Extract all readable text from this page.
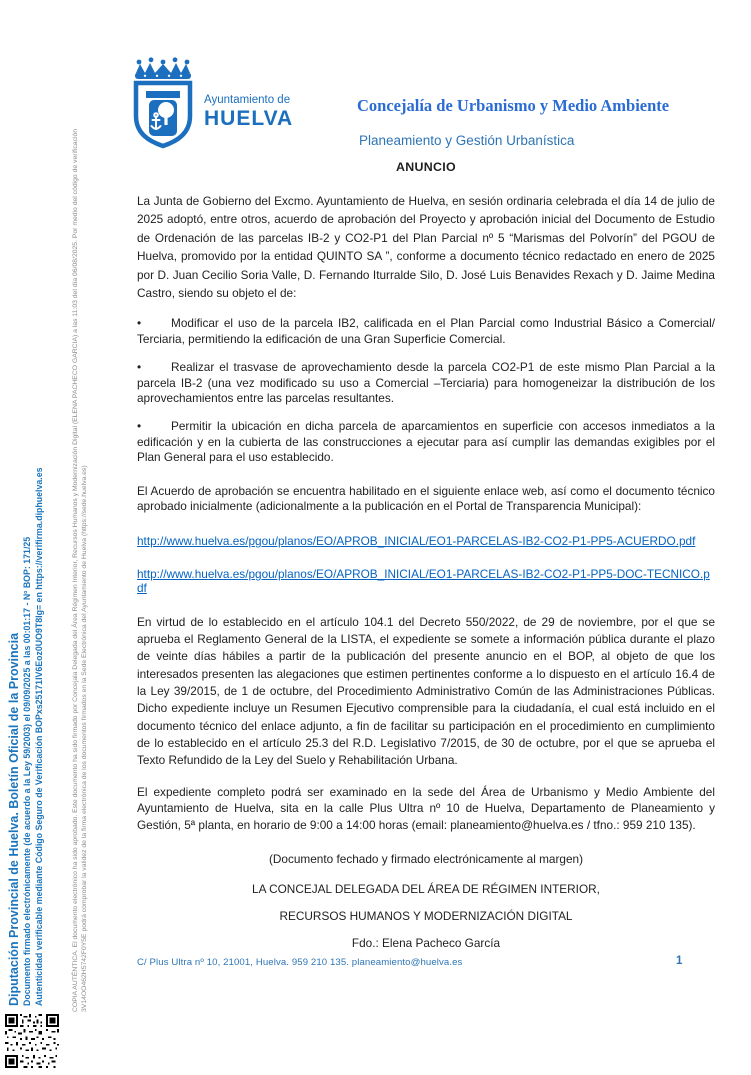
Diputación Provincial de Huelva. Boletín Oficial de la Provincia Documento firmado electrónicamente (de acuerdo a la Ley 59/2003) el 09/09/2025 a las 00:01:17 - Nº BOP: 171/25 Autenticidad verificable mediante Código Seguro de Verificación BOPxs25171IV6Eoz0UO9T8Ig= en https://verifirma.diphuelva.es	COPIA AUTÉNTICA. El documento electrónico ha sido aprobado. Este documento ha sido firmado por Concejala Delegada del Área Régimen Interior, Recursos Humanos y Modernización Digital (ELENA PACHECO GARCIA) a las 11:03 del día 06/08/2025. Por medio del código de verificación 3V14OO462H5742F0Y5E podrá comprobar la validez de la firma electrónica de los documentos firmados en la Sede Electrónica del Ayuntamiento de Huelva (https://sede.huelva.es)
Ayuntamiento de
HUELVA
Concejalía de Urbanismo y Medio Ambiente
Planeamiento y Gestión Urbanística
ANUNCIO

La Junta de Gobierno del Excmo. Ayuntamiento de Huelva, en sesión ordinaria celebrada el día 14 de julio de 2025 adoptó, entre otros, acuerdo de aprobación del Proyecto y aprobación inicial del Documento de Estudio de Ordenación de las parcelas IB-2 y CO2-P1 del Plan Parcial nº 5 “Marismas del Polvorín” del PGOU de Huelva, promovido por la entidad QUINTO SA ”, conforme a documento técnico redactado en enero de 2025 por D. Juan Cecilio Soria Valle, D. Fernando Iturralde Silo, D. José Luis Benavides Rexach y D. Jaime Medina Castro, siendo su objeto el de:

•	Modificar el uso de la parcela IB2, calificada en el Plan Parcial como Industrial Básico a Comercial/ Terciaria, permitiendo la edificación de una Gran Superficie Comercial.

•	Realizar el trasvase de aprovechamiento desde la parcela CO2-P1 de este mismo Plan Parcial a la parcela IB-2 (una vez modificado su uso a Comercial –Terciaria) para homogeneizar la distribución de los aprovechamientos entre las parcelas resultantes.

•	Permitir la ubicación en dicha parcela de aparcamientos en superficie con accesos inmediatos a la edificación y en la cubierta de las construcciones a ejecutar para así cumplir las demandas exigibles por el Plan General para el uso establecido.

El Acuerdo de aprobación se encuentra habilitado en el siguiente enlace web, así como el documento técnico aprobado inicialmente (adicionalmente a la publicación en el Portal de Transparencia Municipal):

http://www.huelva.es/pgou/planos/EO/APROB_INICIAL/EO1-PARCELAS-IB2-CO2-P1-PP5-ACUERDO.pdf
http://www.huelva.es/pgou/planos/EO/APROB_INICIAL/EO1-PARCELAS-IB2-CO2-P1-PP5-DOC-TECNICO.pdf

En virtud de lo establecido en el artículo 104.1 del Decreto 550/2022, de 29 de noviembre, por el que se aprueba el Reglamento General de la LISTA, el expediente se somete a información pública durante el plazo de veinte días hábiles a partir de la publicación del presente anuncio en el BOP, al objeto de que los interesados presenten las alegaciones que estimen pertinentes conforme a lo dispuesto en el artículo 16.4 de la Ley 39/2015, de 1 de octubre, del Procedimiento Administrativo Común de las Administraciones Públicas. Dicho expediente incluye un Resumen Ejecutivo comprensible para la ciudadanía, el cual está incluido en el documento técnico del enlace adjunto, a fin de facilitar su participación en el procedimiento en cumplimiento de lo establecido en el artículo 25.3 del R.D. Legislativo 7/2015, de 30 de octubre, por el que se aprueba el Texto Refundido de la Ley del Suelo y Rehabilitación Urbana.

El expediente completo podrá ser examinado en la sede del Área de Urbanismo y Medio Ambiente del Ayuntamiento de Huelva, sita en la calle Plus Ultra nº 10 de Huelva, Departamento de Planeamiento y Gestión, 5ª planta, en horario de 9:00 a 14:00 horas (email: planeamiento@huelva.es / tfno.: 959 210 135).

(Documento fechado y firmado electrónicamente al margen)

LA CONCEJAL DELEGADA DEL ÁREA DE RÉGIMEN INTERIOR,

RECURSOS HUMANOS Y MODERNIZACIÓN DIGITAL

Fdo.: Elena Pacheco García

C/ Plus Ultra nº 10, 21001, Huelva. 959 210 135. planeamiento@huelva.es	1
